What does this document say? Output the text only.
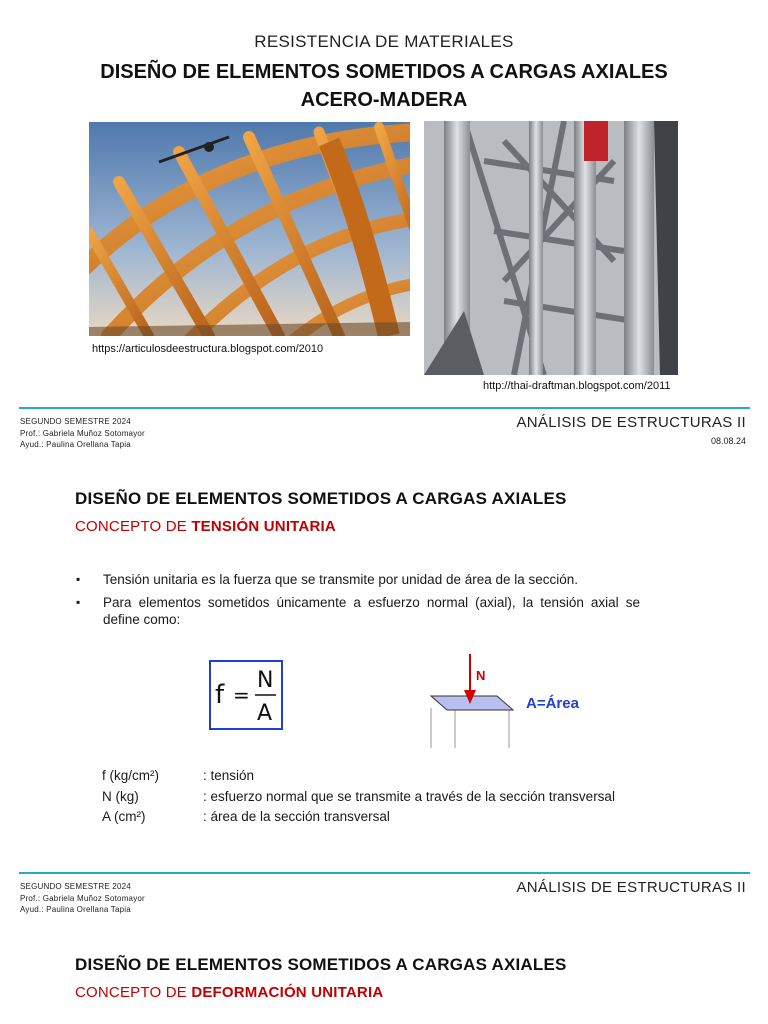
RESISTENCIA DE MATERIALES
DISEÑO DE ELEMENTOS SOMETIDOS A CARGAS AXIALES
ACERO-MADERA
https://articulosdeestructura.blogspot.com/2010
http://thai-draftman.blogspot.com/2011
SEGUNDO SEMESTRE 2024
Prof.: Gabriela Muñoz Sotomayor
Ayud.: Paulina Orellana Tapia
ANÁLISIS DE ESTRUCTURAS II
08.08.24
DISEÑO DE ELEMENTOS SOMETIDOS A CARGAS AXIALES
CONCEPTO DE TENSIÓN UNITARIA
▪ Tensión unitaria es la fuerza que se transmite por unidad de área de la sección.
▪ Para elementos sometidos únicamente a esfuerzo normal (axial), la tensión axial se define como:
f =
N
A
N
A=Área
f (kg/cm²)	: tensión
N (kg)	: esfuerzo normal que se transmite a través de la sección transversal
A (cm²)	: área de la sección transversal
SEGUNDO SEMESTRE 2024
Prof.: Gabriela Muñoz Sotomayor
Ayud.: Paulina Orellana Tapia
ANÁLISIS DE ESTRUCTURAS II
DISEÑO DE ELEMENTOS SOMETIDOS A CARGAS AXIALES
CONCEPTO DE DEFORMACIÓN UNITARIA
